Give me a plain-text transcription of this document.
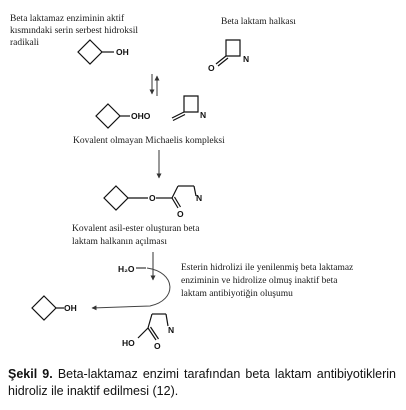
Beta laktamaz enziminin aktif
kısmındaki serin serbest hidroksil
radikali
Beta laktam halkası
OH
O
N
OHO	N
Kovalent olmayan Michaelis kompleksi
O
O
N
Kovalent asil-ester oluşturan beta
laktam halkanın açılması
Esterin hidrolizi ile yenilenmiş beta laktamaz
enziminin ve hidrolize olmuş inaktif beta
laktam antibiyotiğin oluşumu
H₂O
OH
N
HO O
Şekil 9. Beta-laktamaz enzimi tarafından beta laktam antibiyotiklerin hidroliz ile inaktif edilmesi (12).
